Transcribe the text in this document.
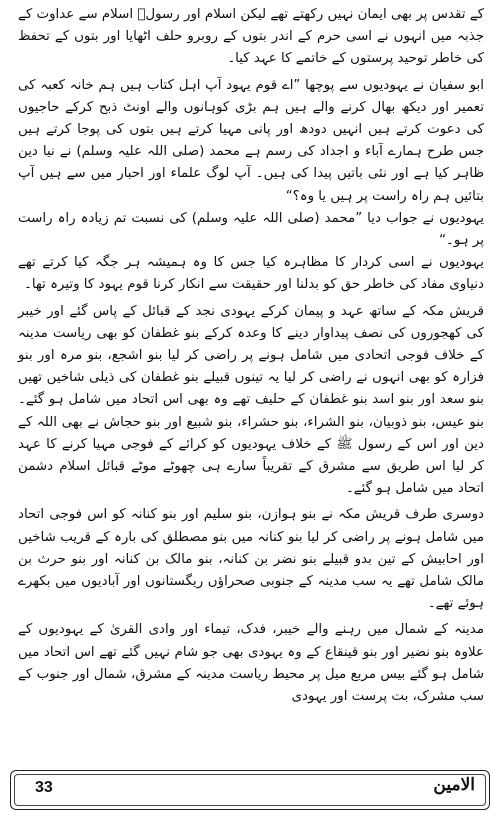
کے تقدس پر بھی ایمان نہیں رکھتے تھے لیکن اسلام اور رسولؐ اسلام سے عداوت کے جذبہ میں انہوں نے اسی حرم کے اندر بتوں کے روبرو حلف اٹھایا اور بتوں کے تحفظ کی خاطر توحید پرستوں کے خاتمے کا عہد کیا۔

ابو سفیان نے یہودیوں سے پوچھا ”اے قوم یہود آپ اہل کتاب ہیں ہم خانہ کعبہ کی تعمیر اور دیکھ بھال کرنے والے ہیں ہم بڑی کوہانوں والے اونٹ ذبح کرکے حاجیوں کی دعوت کرتے ہیں انہیں دودھ اور پانی مہیا کرتے ہیں بتوں کی پوجا کرتے ہیں جس طرح ہمارے آباء و اجداد کی رسم ہے محمد (صلی اللہ علیہ وسلم) نے نیا دین ظاہر کیا ہے اور نئی باتیں پیدا کی ہیں۔ آپ لوگ علماء اور احبار میں سے ہیں آپ بتائیں ہم راہ راست پر ہیں یا وہ؟“

یہودیوں نے جواب دیا ”محمد (صلی اللہ علیہ وسلم) کی نسبت تم زیادہ راہ راست پر ہو۔“

یہودیوں نے اسی کردار کا مظاہرہ کیا جس کا وہ ہمیشہ ہر جگہ کیا کرتے تھے دنیاوی مفاد کی خاطر حق کو بدلنا اور حقیقت سے انکار کرنا قوم یہود کا وتیرہ تھا۔

قریش مکہ کے ساتھ عہد و پیمان کرکے یہودی نجد کے قبائل کے پاس گئے اور خیبر کی کھجوروں کی نصف پیداوار دینے کا وعدہ کرکے بنو غطفان کو بھی ریاست مدینہ کے خلاف فوجی اتحادی میں شامل ہونے پر راضی کر لیا بنو اشجع، بنو مرہ اور بنو فزارہ کو بھی انہوں نے راضی کر لیا یہ تینوں قبیلے بنو غطفان کی ذیلی شاخیں تھیں بنو سعد اور بنو اسد بنو غطفان کے حلیف تھے وہ بھی اس اتحاد میں شامل ہو گئے۔ بنو عیس، بنو ذوبیان، بنو الشراء، بنو حشراء، بنو شبیع اور بنو حجاش نے بھی اللہ کے دین اور اس کے رسول ﷺ کے خلاف یہودیوں کو کرائے کے فوجی مہیا کرنے کا عہد کر لیا اس طریق سے مشرق کے تقریباً سارے ہی چھوٹے موٹے قبائل اسلام دشمن اتحاد میں شامل ہو گئے۔

دوسری طرف قریش مکہ نے بنو ہوازن، بنو سلیم اور بنو کنانہ کو اس فوجی اتحاد میں شامل ہونے پر راضی کر لیا بنو کنانہ میں بنو مصطلق کی بارہ کے قریب شاخیں اور احابیش کے تین بدو قبیلے بنو نضر بن کنانہ، بنو مالک بن کنانہ اور بنو حرث بن مالک شامل تھے یہ سب مدینہ کے جنوبی صحراؤں ریگستانوں اور آبادیوں میں بکھرے ہوئے تھے۔

مدینہ کے شمال میں رہنے والے خیبر، فدک، تیماء اور وادی القریٰ کے یہودیوں کے علاوہ بنو نضیر اور بنو قینقاع کے وہ یہودی بھی جو شام نہیں گئے تھے اس اتحاد میں شامل ہو گئے بیس مربع میل پر محیط ریاست مدینہ کے مشرق، شمال اور جنوب کے سب مشرک، بت پرست اور یہودی

33	الامین
